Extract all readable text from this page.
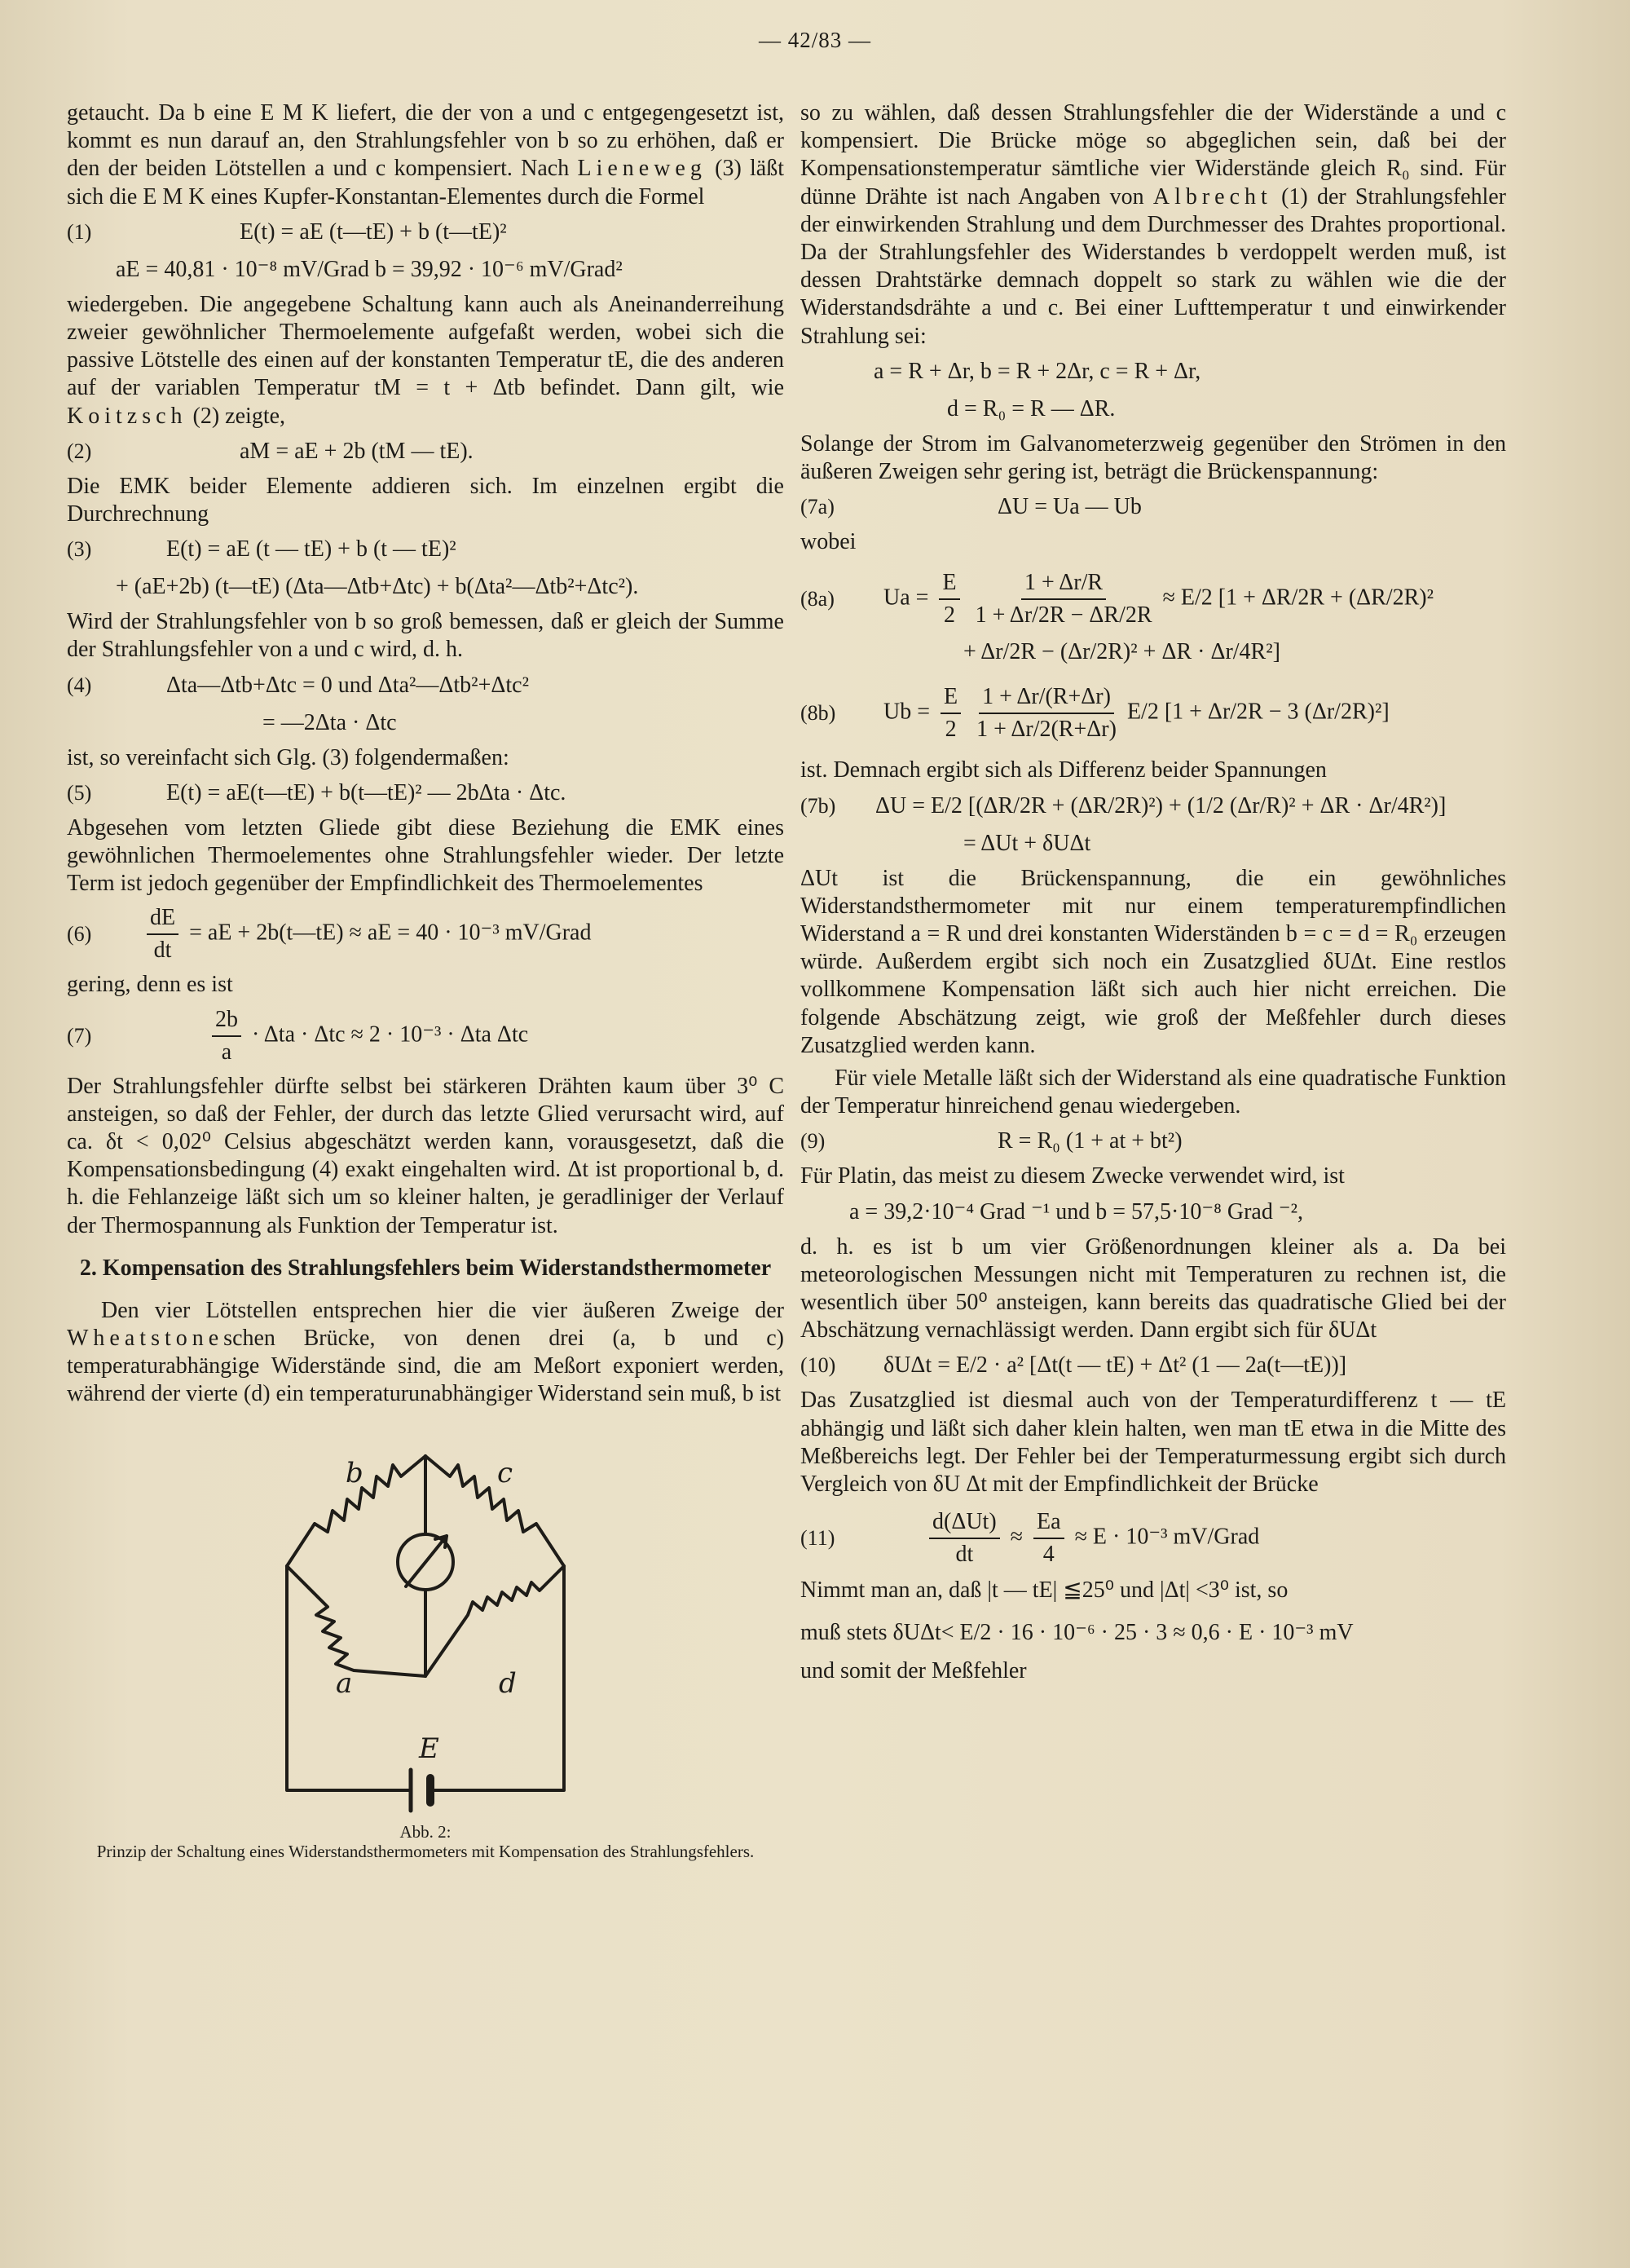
— 42/83 —

getaucht. Da b eine E M K liefert, die der von a und c entgegengesetzt ist, kommt es nun darauf an, den Strahlungsfehler von b so zu erhöhen, daß er den der beiden Lötstellen a und c kompensiert. Nach Lieneweg (3) läßt sich die E M K eines Kupfer-Konstantan-Elementes durch die Formel

(1)	E(t) = aE (t—tE) + b (t—tE)²
aE = 40,81 · 10⁻⁸ mV/Grad b = 39,92 · 10⁻⁶ mV/Grad²

wiedergeben. Die angegebene Schaltung kann auch als Aneinanderreihung zweier gewöhnlicher Thermoelemente aufgefaßt werden, wobei sich die passive Lötstelle des einen auf der konstanten Temperatur tE, die des anderen auf der variablen Temperatur tM = t + Δtb befindet. Dann gilt, wie Koitzsch (2) zeigte,

(2)	aM = aE + 2b (tM — tE).

Die EMK beider Elemente addieren sich. Im einzelnen ergibt die Durchrechnung

(3)	E(t) = aE (t — tE) + b (t — tE)²
+ (aE+2b) (t—tE) (Δta—Δtb+Δtc) + b(Δta²—Δtb²+Δtc²).

Wird der Strahlungsfehler von b so groß bemessen, daß er gleich der Summe der Strahlungsfehler von a und c wird, d. h.

(4)	Δta—Δtb+Δtc = 0 und Δta²—Δtb²+Δtc²
= —2Δta · Δtc

ist, so vereinfacht sich Glg. (3) folgendermaßen:

(5)	E(t) = aE(t—tE) + b(t—tE)² — 2bΔta · Δtc.

Abgesehen vom letzten Gliede gibt diese Beziehung die EMK eines gewöhnlichen Thermoelementes ohne Strahlungsfehler wieder. Der letzte Term ist jedoch gegenüber der Empfindlichkeit des Thermoelementes

(6)	$\frac{dE}{dt}$ = aE + 2b(t—tE) ≈ aE = 40 · 10⁻³ mV/Grad

gering, denn es ist

(7)	$\frac{2b}{a} \cdot \Delta ta \cdot \Delta tc \approx 2 \cdot 10^{-3} \cdot \Delta ta$ Δtc

Der Strahlungsfehler dürfte selbst bei stärkeren Drähten kaum über 3⁰ C ansteigen, so daß der Fehler, der durch das letzte Glied verursacht wird, auf ca. δt < 0,02⁰ Celsius abgeschätzt werden kann, vorausgesetzt, daß die Kompensationsbedingung (4) exakt eingehalten wird. Δt ist proportional b, d. h. die Fehlanzeige läßt sich um so kleiner halten, je geradliniger der Verlauf der Thermospannung als Funktion der Temperatur ist.

2. Kompensation des Strahlungsfehlers beim Widerstandsthermometer

Den vier Lötstellen entsprechen hier die vier äußeren Zweige der Wheatstoneschen Brücke, von denen drei (a, b und c) temperaturabhängige Widerstände sind, die am Meßort exponiert werden, während der vierte (d) ein temperaturunabhängiger Widerstand sein muß, b ist

b	c
a	d
E
Abb. 2:
Prinzip der Schaltung eines Widerstandsthermometers mit Kompensation des Strahlungsfehlers.

so zu wählen, daß dessen Strahlungsfehler die der Widerstände a und c kompensiert. Die Brücke möge so abgeglichen sein, daß bei der Kompensationstemperatur sämtliche vier Widerstände gleich R₀ sind. Für dünne Drähte ist nach Angaben von Albrecht (1) der Strahlungsfehler der einwirkenden Strahlung und dem Durchmesser des Drahtes proportional. Da der Strahlungsfehler des Widerstandes b verdoppelt werden muß, ist dessen Drahtstärke demnach doppelt so stark zu wählen wie die der Widerstandsdrähte a und c. Bei einer Lufttemperatur t und einwirkender Strahlung sei:

a = R + Δr, b = R + 2Δr, c = R + Δr,
d = R₀ = R — ΔR.

Solange der Strom im Galvanometerzweig gegenüber den Strömen in den äußeren Zweigen sehr gering ist, beträgt die Brückenspannung:

(7a)	ΔU = Ua — Ub

wobei

(8a)	$Ua = \frac{E}{2}$
$\frac{1 + \Delta r/R}{1 + \Delta r/2R - \Delta R/2R} \approx E/2$ [1 + ΔR/2R + (ΔR/2R)²
+ Δr/2R − (Δr/2R)² + ΔR · Δr/4R²]
(8b)	$Ub = \frac{E}{2}$
$\frac{1 + \Delta r/(R+\Delta r)}{1 + \Delta r/2(R+\Delta r)} E/2$ [1 + Δr/2R − 3 (Δr/2R)²]

ist. Demnach ergibt sich als Differenz beider Spannungen

(7b)	ΔU = E/2 [(ΔR/2R + (ΔR/2R)²) + (1/2 (Δr/R)² + ΔR · Δr/4R²)]
= ΔUt + δUΔt

ΔUt ist die Brückenspannung, die ein gewöhnliches Widerstandsthermometer mit nur einem temperaturempfindlichen Widerstand a = R und drei konstanten Widerständen b = c = d = R₀ erzeugen würde. Außerdem ergibt sich noch ein Zusatzglied δUΔt. Eine restlos vollkommene Kompensation läßt sich auch hier nicht erreichen. Die folgende Abschätzung zeigt, wie groß der Meßfehler durch dieses Zusatzglied werden kann.

Für viele Metalle läßt sich der Widerstand als eine quadratische Funktion der Temperatur hinreichend genau wiedergeben.

(9)	R = R₀ (1 + at + bt²)

Für Platin, das meist zu diesem Zwecke verwendet wird, ist

a = 39,2·10⁻⁴ Grad ⁻¹ und b = 57,5·10⁻⁸ Grad ⁻²,

d. h. es ist b um vier Größenordnungen kleiner als a. Da bei meteorologischen Messungen nicht mit Temperaturen zu rechnen ist, die wesentlich über 50⁰ ansteigen, kann bereits das quadratische Glied bei der Abschätzung vernachlässigt werden. Dann ergibt sich für δUΔt

(10)	δUΔt = E/2 · a² [Δt(t — tE) + Δt² (1 — 2a(t—tE))]

Das Zusatzglied ist diesmal auch von der Temperaturdifferenz t — tE abhängig und läßt sich daher klein halten, wen man tE etwa in die Mitte des Meßbereichs legt. Der Fehler bei der Temperaturmessung ergibt sich durch Vergleich von δU Δt mit der Empfindlichkeit der Brücke

(11)
d(ΔUt)
dt
≈ $\frac{Ea}{4} \approx E \cdot 10^{-3}$ mV/Grad

Nimmt man an, daß |t — tE| ≦25⁰ und |Δt| <3⁰ ist, so

muß stets δUΔt< E/2 · 16 · 10⁻⁶ · 25 · 3 ≈ 0,6 · E · 10⁻³ mV

und somit der Meßfehler
